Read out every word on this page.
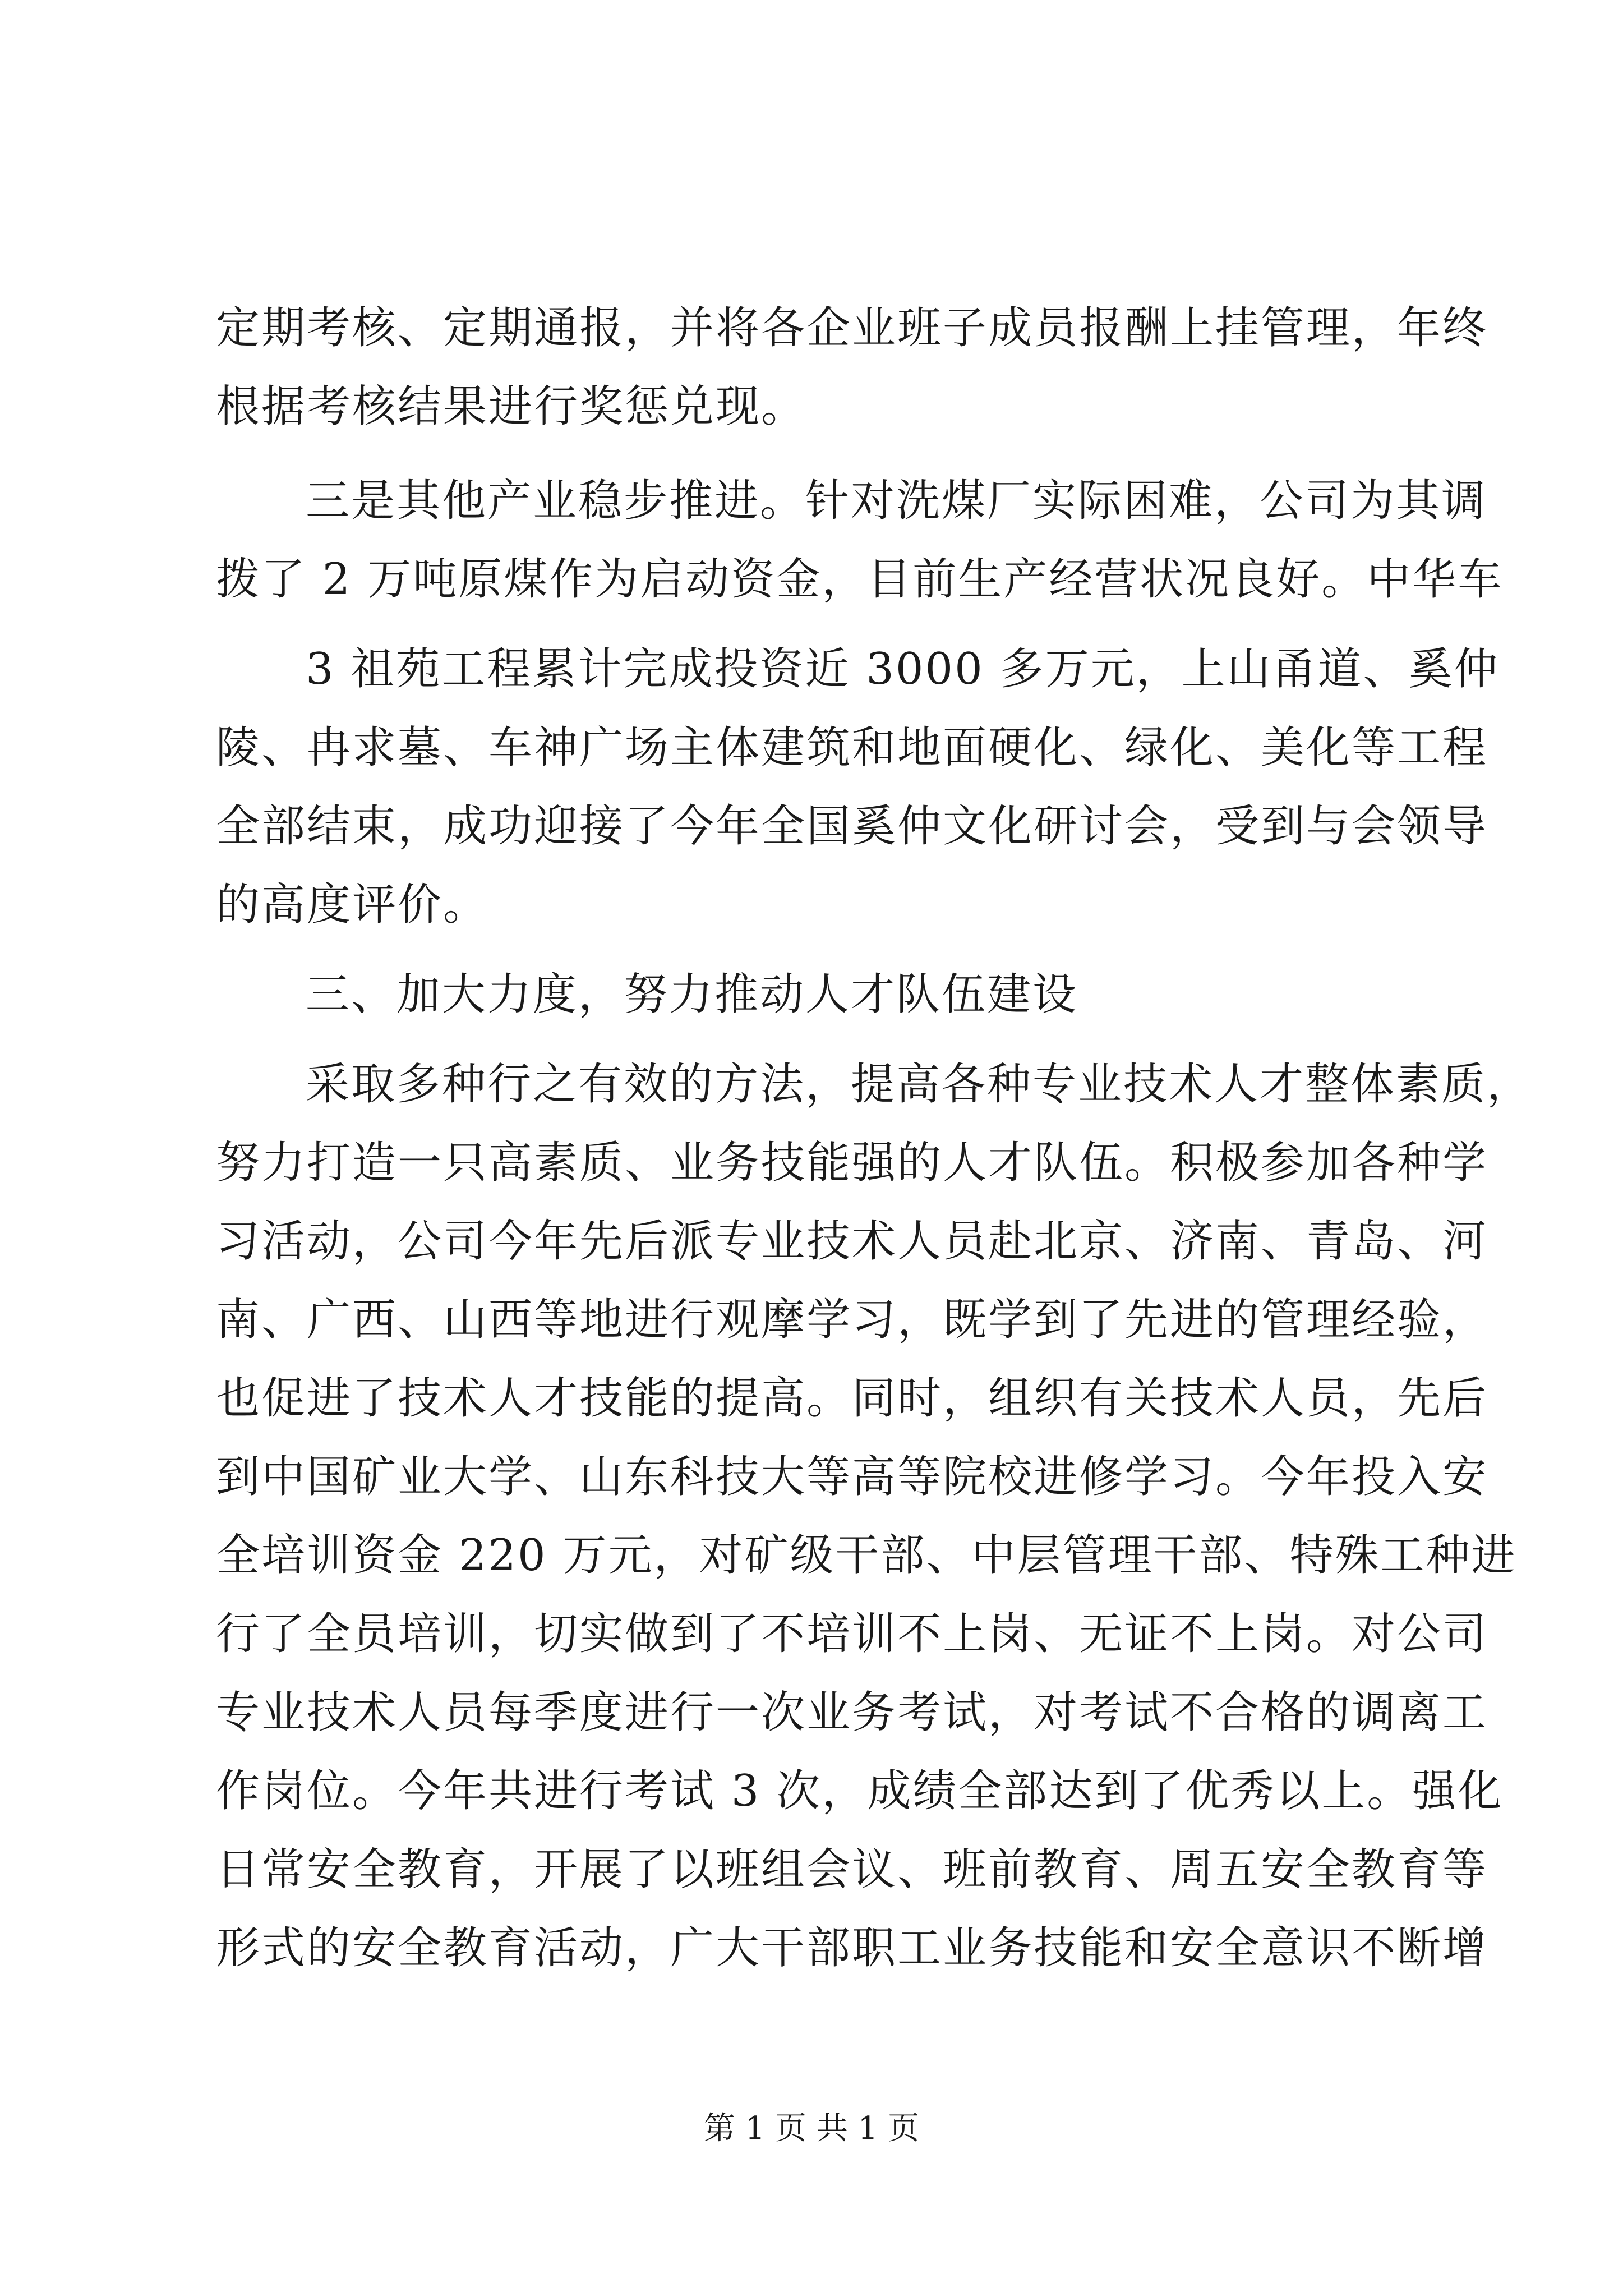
定期考核、定期通报，并将各企业班子成员报酬上挂管理，年终
根据考核结果进行奖惩兑现。
三是其他产业稳步推进。针对洗煤厂实际困难，公司为其调
拨了 2 万吨原煤作为启动资金，目前生产经营状况良好。中华车
3 祖苑工程累计完成投资近 3000 多万元，上山甬道、奚仲
陵、冉求墓、车神广场主体建筑和地面硬化、绿化、美化等工程
全部结束，成功迎接了今年全国奚仲文化研讨会，受到与会领导
的高度评价。
三、加大力度，努力推动人才队伍建设
采取多种行之有效的方法，提高各种专业技术人才整体素质，
努力打造一只高素质、业务技能强的人才队伍。积极参加各种学
习活动，公司今年先后派专业技术人员赴北京、济南、青岛、河
南、广西、山西等地进行观摩学习，既学到了先进的管理经验，
也促进了技术人才技能的提高。同时，组织有关技术人员，先后
到中国矿业大学、山东科技大等高等院校进修学习。今年投入安
全培训资金 220 万元，对矿级干部、中层管理干部、特殊工种进
行了全员培训，切实做到了不培训不上岗、无证不上岗。对公司
专业技术人员每季度进行一次业务考试，对考试不合格的调离工
作岗位。今年共进行考试 3 次，成绩全部达到了优秀以上。强化
日常安全教育，开展了以班组会议、班前教育、周五安全教育等
形式的安全教育活动，广大干部职工业务技能和安全意识不断增
第 1 页 共 1 页
